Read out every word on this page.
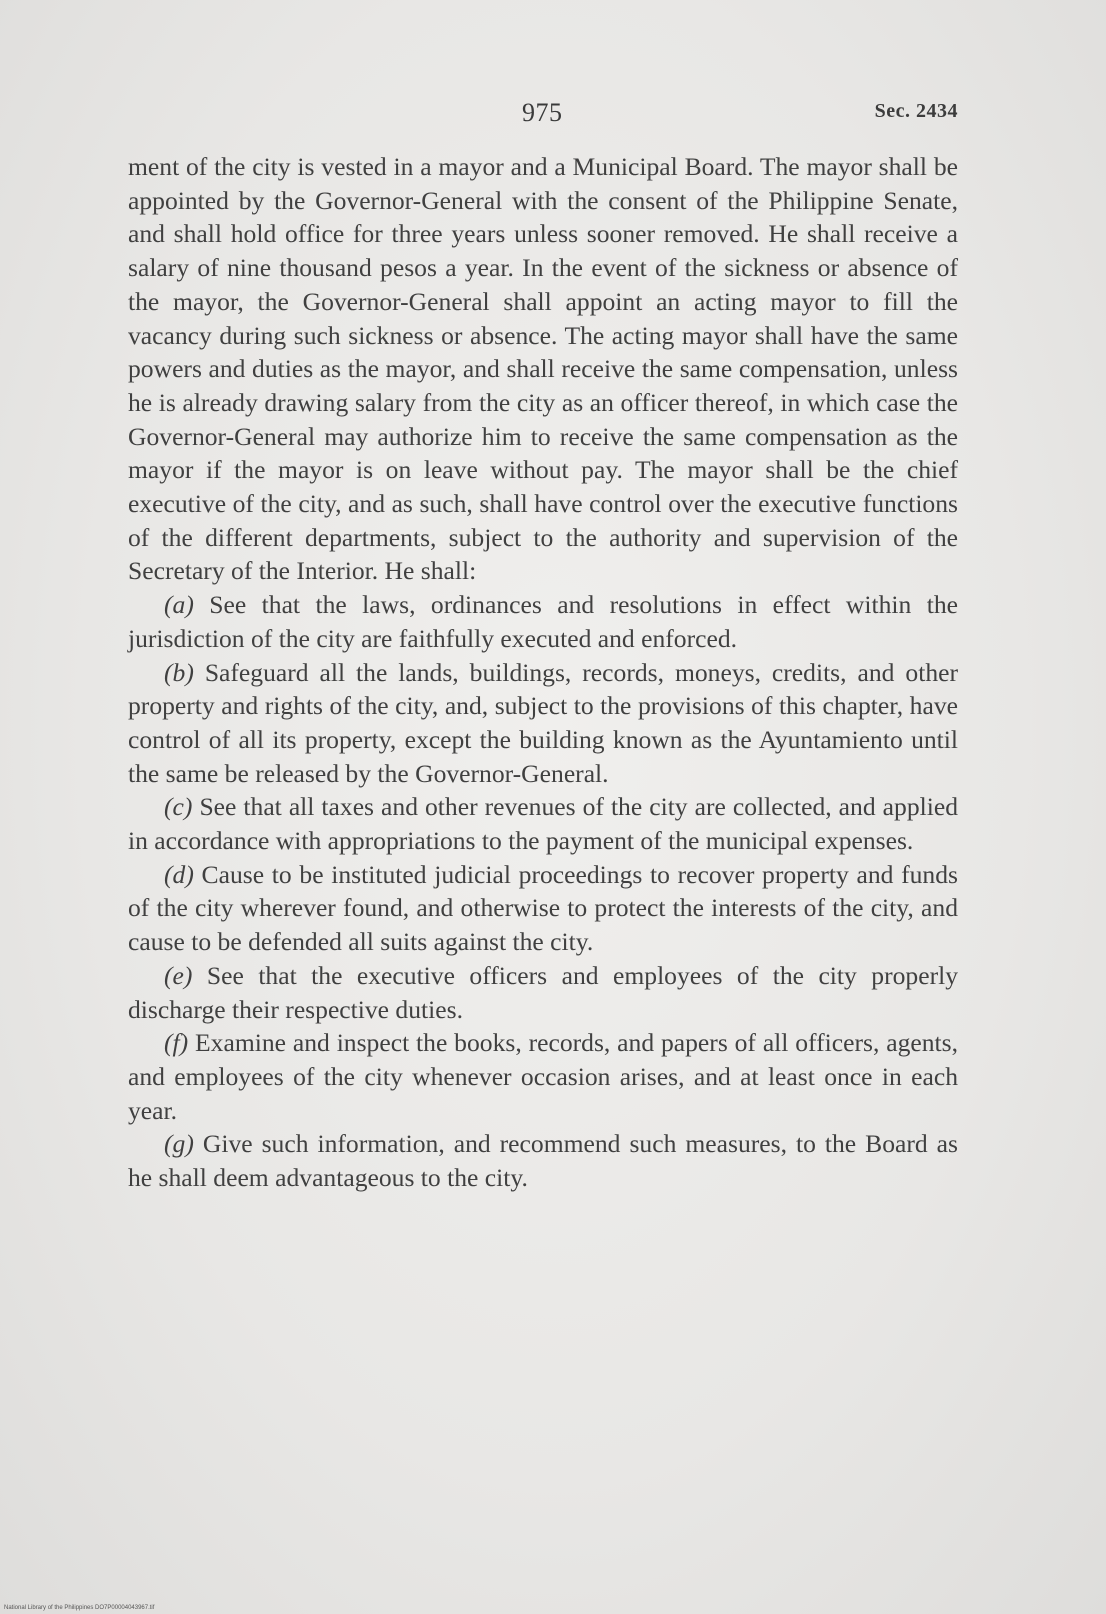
975	Sec. 2434

ment of the city is vested in a mayor and a Municipal Board. The mayor shall be appointed by the Governor-General with the consent of the Philippine Senate, and shall hold office for three years unless sooner removed. He shall receive a salary of nine thousand pesos a year. In the event of the sickness or absence of the mayor, the Governor-General shall appoint an acting mayor to fill the vacancy during such sickness or absence. The acting mayor shall have the same powers and duties as the mayor, and shall receive the same compensation, unless he is already drawing salary from the city as an officer thereof, in which case the Governor-General may authorize him to receive the same compensation as the mayor if the mayor is on leave without pay. The mayor shall be the chief executive of the city, and as such, shall have control over the executive functions of the different departments, subject to the authority and supervision of the Secretary of the Interior. He shall:

(a) See that the laws, ordinances and resolutions in effect within the jurisdiction of the city are faithfully executed and enforced.

(b) Safeguard all the lands, buildings, records, moneys, credits, and other property and rights of the city, and, subject to the provisions of this chapter, have control of all its property, except the building known as the Ayuntamiento until the same be released by the Governor-General.

(c) See that all taxes and other revenues of the city are collected, and applied in accordance with appropriations to the payment of the municipal expenses.

(d) Cause to be instituted judicial proceedings to recover property and funds of the city wherever found, and otherwise to protect the interests of the city, and cause to be defended all suits against the city.

(e) See that the executive officers and employees of the city properly discharge their respective duties.

(f) Examine and inspect the books, records, and papers of all officers, agents, and employees of the city whenever occasion arises, and at least once in each year.

(g) Give such information, and recommend such measures, to the Board as he shall deem advantageous to the city.

National Library of the Philippines DO7P00004043967.tif
